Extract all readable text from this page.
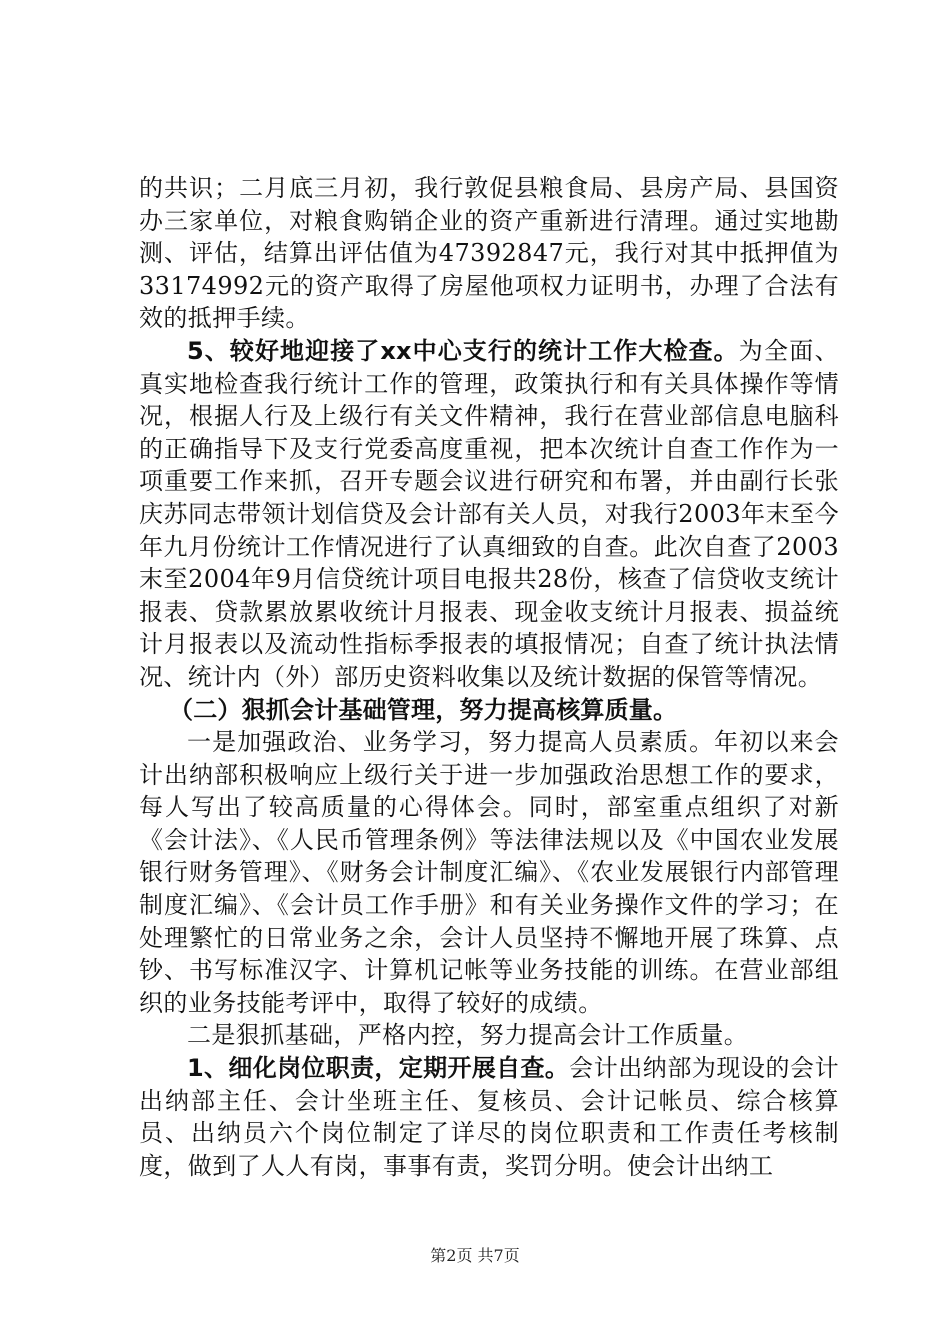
的共识；二月底三月初，我行敦促县粮食局、县房产局、县国资办三家单位，对粮食购销企业的资产重新进行清理。通过实地勘测、评估，结算出评估值为47392847元，我行对其中抵押值为33174992元的资产取得了房屋他项权力证明书，办理了合法有效的抵押手续。

5、较好地迎接了xx中心支行的统计工作大检查。为全面、真实地检查我行统计工作的管理，政策执行和有关具体操作等情况，根据人行及上级行有关文件精神，我行在营业部信息电脑科的正确指导下及支行党委高度重视，把本次统计自查工作作为一项重要工作来抓，召开专题会议进行研究和布署，并由副行长张庆苏同志带领计划信贷及会计部有关人员，对我行2003年末至今年九月份统计工作情况进行了认真细致的自查。此次自查了2003末至2004年9月信贷统计项目电报共28份，核查了信贷收支统计报表、贷款累放累收统计月报表、现金收支统计月报表、损益统计月报表以及流动性指标季报表的填报情况；自查了统计执法情况、统计内（外）部历史资料收集以及统计数据的保管等情况。

（二）狠抓会计基础管理，努力提高核算质量。

一是加强政治、业务学习，努力提高人员素质。年初以来会计出纳部积极响应上级行关于进一步加强政治思想工作的要求，每人写出了较高质量的心得体会。同时，部室重点组织了对新《会计法》、《人民币管理条例》等法律法规以及《中国农业发展银行财务管理》、《财务会计制度汇编》、《农业发展银行内部管理制度汇编》、《会计员工作手册》和有关业务操作文件的学习；在处理繁忙的日常业务之余，会计人员坚持不懈地开展了珠算、点钞、书写标准汉字、计算机记帐等业务技能的训练。在营业部组织的业务技能考评中，取得了较好的成绩。

二是狠抓基础，严格内控，努力提高会计工作质量。

1、细化岗位职责，定期开展自查。会计出纳部为现设的会计出纳部主任、会计坐班主任、复核员、会计记帐员、综合核算员、出纳员六个岗位制定了详尽的岗位职责和工作责任考核制度，做到了人人有岗，事事有责，奖罚分明。使会计出纳工

第2页 共7页
